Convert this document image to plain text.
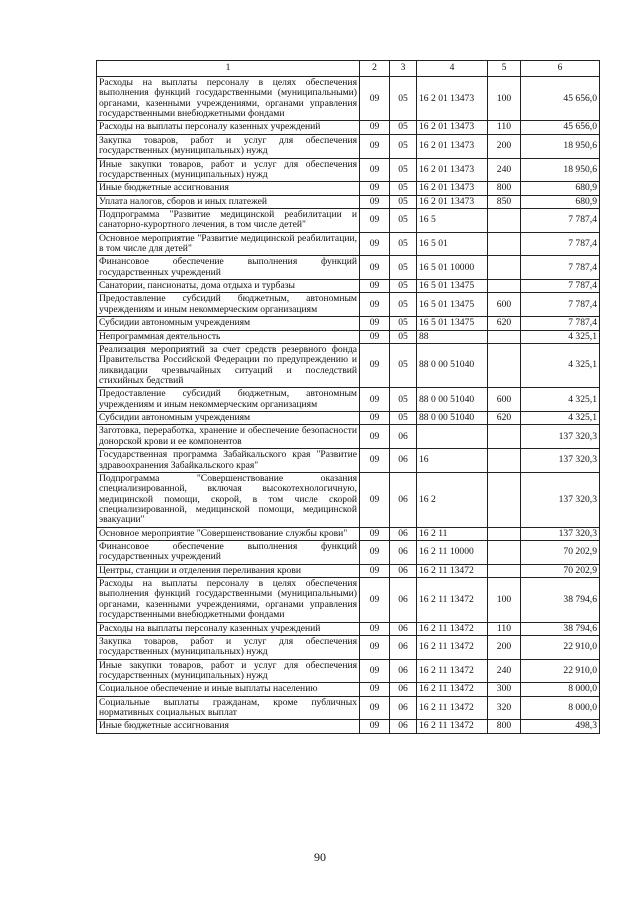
1	2	3	4	5	6
Расходы на выплаты персоналу в целях обеспечения выполнения функций государственными (муниципальными) органами, казенными учреждениями, органами управления государственными внебюджетными фондами	09	05	16 2 01 13473	100	45 656,0
Расходы на выплаты персоналу казенных учреждений	09	05	16 2 01 13473	110	45 656,0
Закупка товаров, работ и услуг для обеспечения государственных (муниципальных) нужд	09	05	16 2 01 13473	200	18 950,6
Иные закупки товаров, работ и услуг для обеспечения государственных (муниципальных) нужд	09	05	16 2 01 13473	240	18 950,6
Иные бюджетные ассигнования	09	05	16 2 01 13473	800	680,9
Уплата налогов, сборов и иных платежей	09	05	16 2 01 13473	850	680,9
Подпрограмма "Развитие медицинской реабилитации и санаторно-курортного лечения, в том числе детей"	09	05	16 5		7 787,4
Основное мероприятие "Развитие медицинской реабилитации, в том числе для детей"	09	05	16 5 01		7 787,4
Финансовое обеспечение выполнения функций государственных учреждений	09	05	16 5 01 10000		7 787,4
Санатории, пансионаты, дома отдыха и турбазы	09	05	16 5 01 13475		7 787,4
Предоставление субсидий бюджетным, автономным учреждениям и иным некоммерческим организациям	09	05	16 5 01 13475	600	7 787,4
Субсидии автономным учреждениям	09	05	16 5 01 13475	620	7 787,4
Непрограммная деятельность	09	05	88		4 325,1
Реализация мероприятий за счет средств резервного фонда Правительства Российской Федерации по предупреждению и ликвидации чрезвычайных ситуаций и последствий стихийных бедствий	09	05	88 0 00 51040		4 325,1
Предоставление субсидий бюджетным, автономным учреждениям и иным некоммерческим организациям	09	05	88 0 00 51040	600	4 325,1
Субсидии автономным учреждениям	09	05	88 0 00 51040	620	4 325,1
Заготовка, переработка, хранение и обеспечение безопасности донорской крови и ее компонентов	09	06			137 320,3
Государственная программа Забайкальского края "Развитие здравоохранения Забайкальского края"	09	06	16		137 320,3
Подпрограмма "Совершенствование оказания специализированной, включая высокотехнологичную, медицинской помощи, скорой, в том числе скорой специализированной, медицинской помощи, медицинской эвакуации"	09	06	16 2		137 320,3
Основное мероприятие "Совершенствование службы крови"	09	06	16 2 11		137 320,3
Финансовое обеспечение выполнения функций государственных учреждений	09	06	16 2 11 10000		70 202,9
Центры, станции и отделения переливания крови	09	06	16 2 11 13472		70 202,9
Расходы на выплаты персоналу в целях обеспечения выполнения функций государственными (муниципальными) органами, казенными учреждениями, органами управления государственными внебюджетными фондами	09	06	16 2 11 13472	100	38 794,6
Расходы на выплаты персоналу казенных учреждений	09	06	16 2 11 13472	110	38 794,6
Закупка товаров, работ и услуг для обеспечения государственных (муниципальных) нужд	09	06	16 2 11 13472	200	22 910,0
Иные закупки товаров, работ и услуг для обеспечения государственных (муниципальных) нужд	09	06	16 2 11 13472	240	22 910,0
Социальное обеспечение и иные выплаты населению	09	06	16 2 11 13472	300	8 000,0
Социальные выплаты гражданам, кроме публичных нормативных социальных выплат	09	06	16 2 11 13472	320	8 000,0
Иные бюджетные ассигнования	09	06	16 2 11 13472	800	498,3
90
